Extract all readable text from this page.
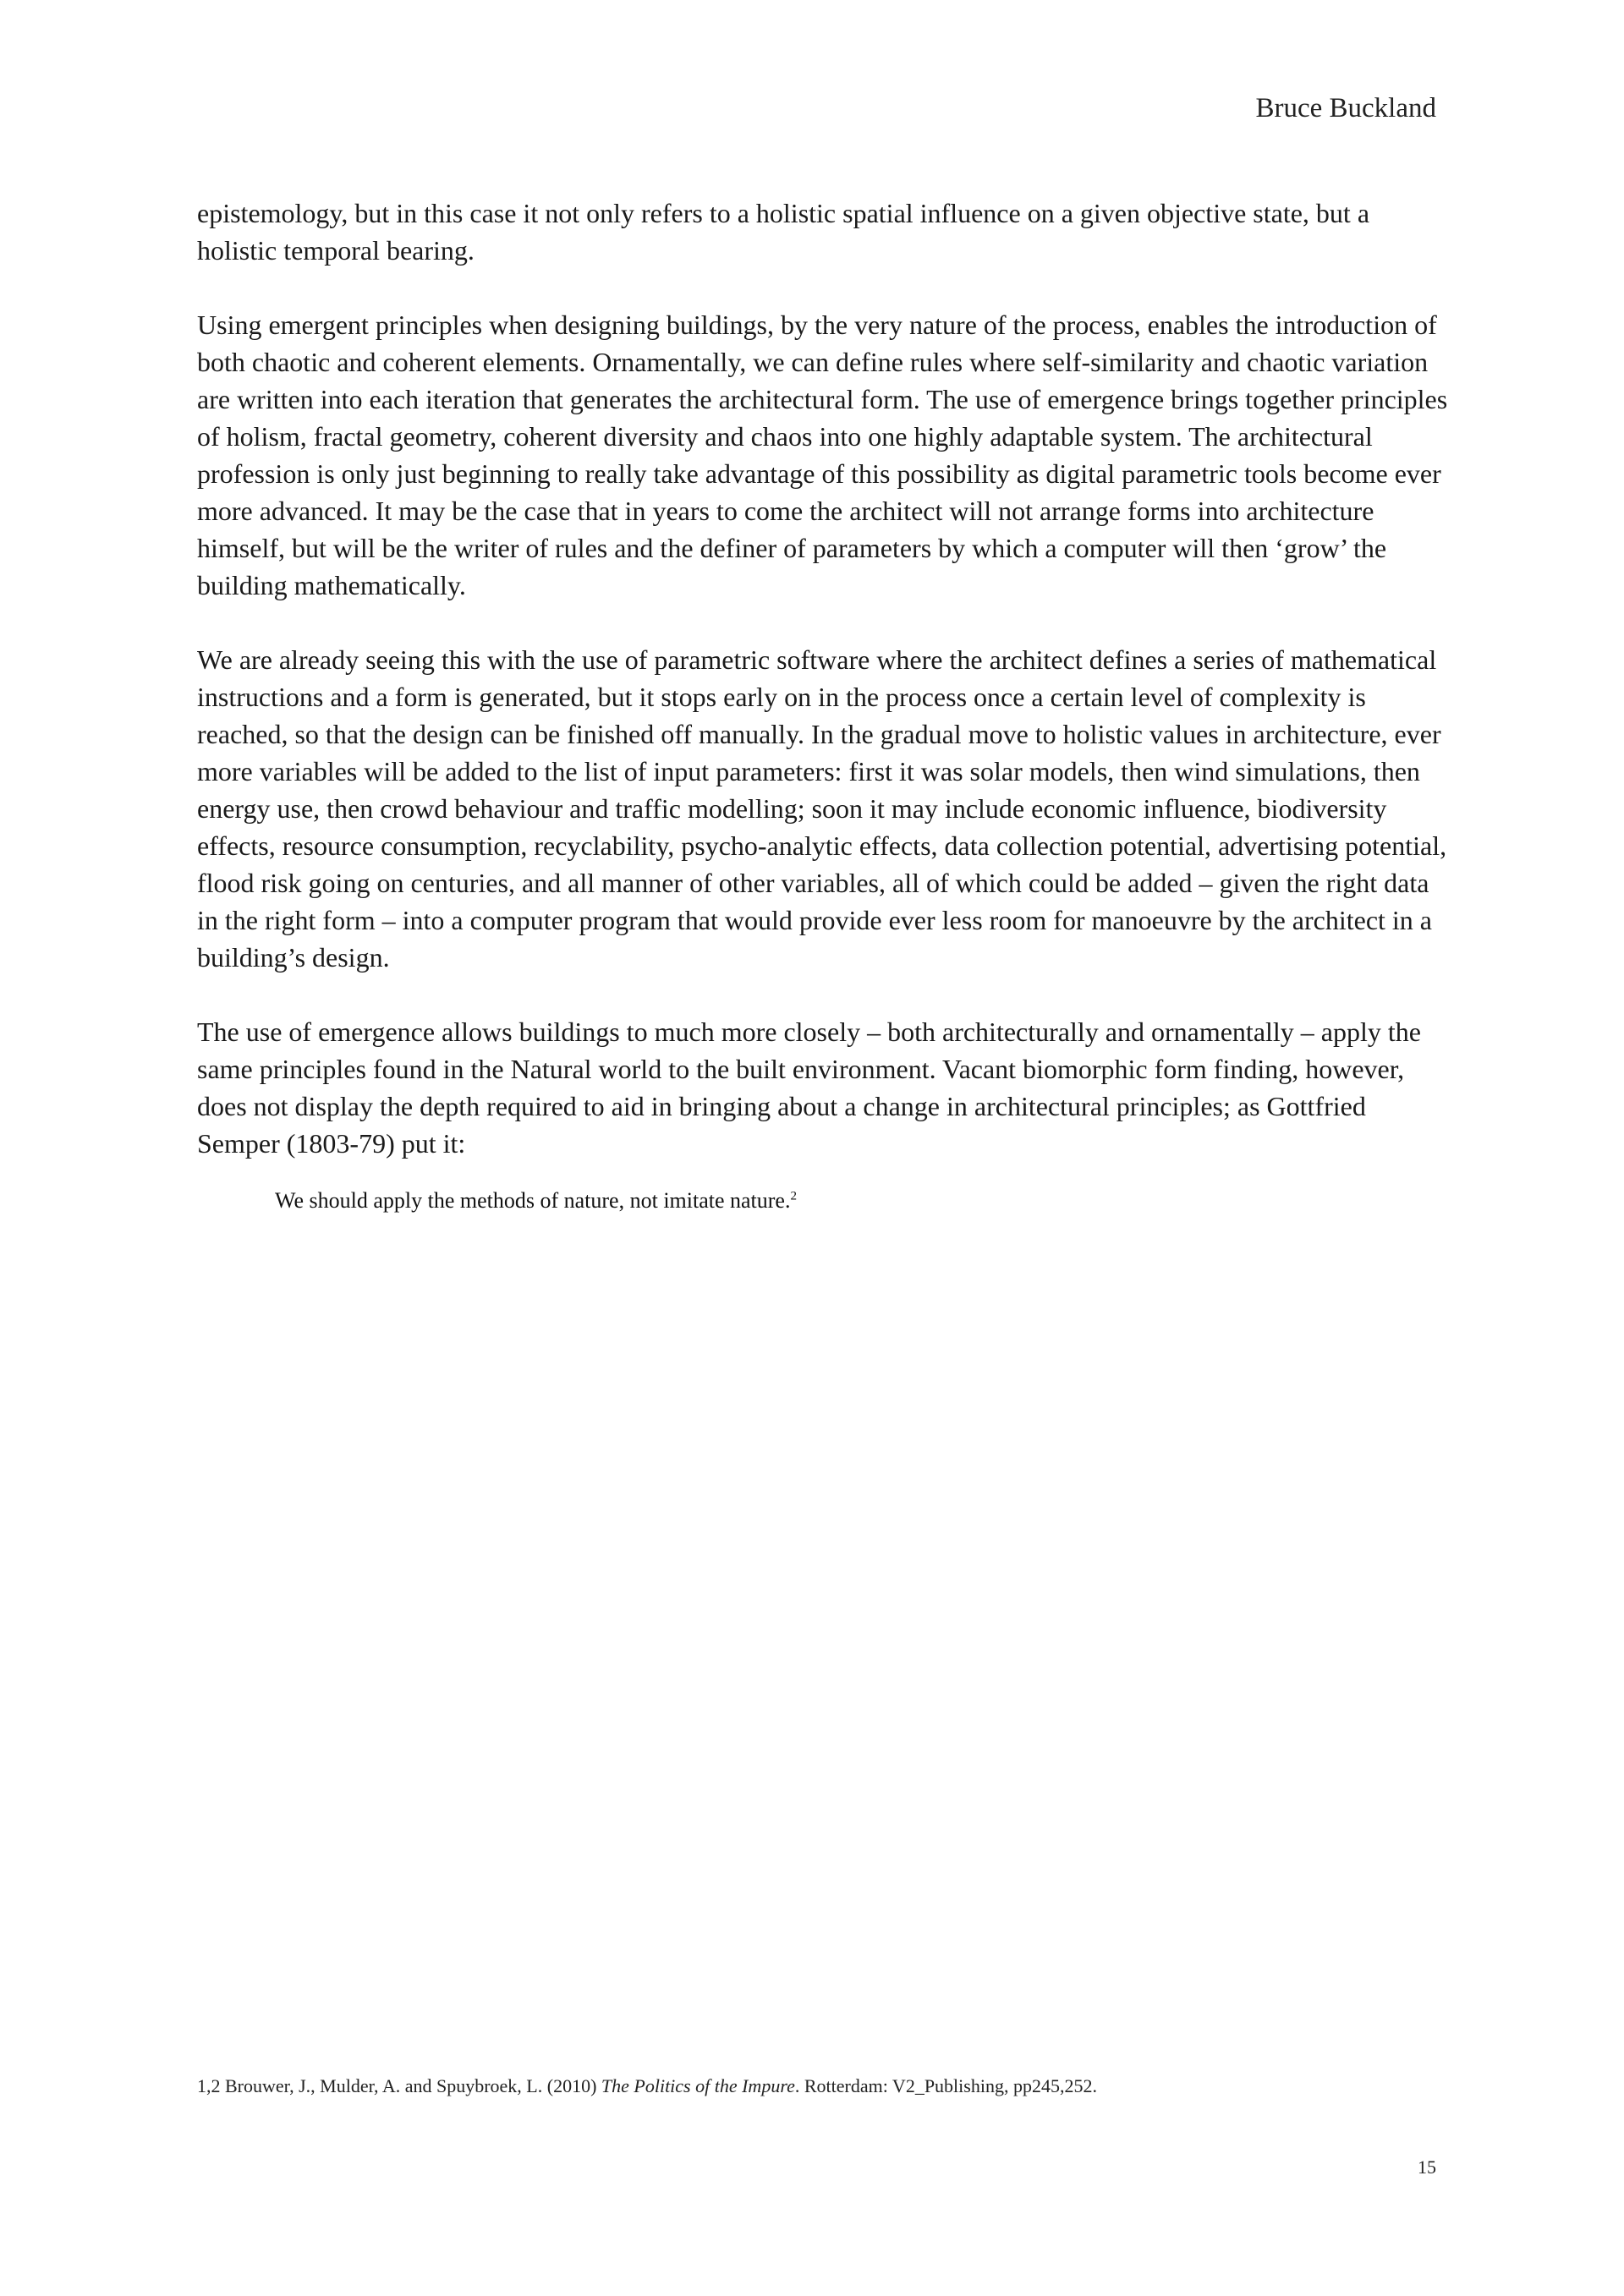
Bruce Buckland

epistemology, but in this case it not only refers to a holistic spatial influence on a given objective state, but a holistic temporal bearing.

Using emergent principles when designing buildings, by the very nature of the process, enables the introduction of both chaotic and coherent elements. Ornamentally, we can define rules where self-similarity and chaotic variation are written into each iteration that generates the architectural form. The use of emergence brings together principles of holism, fractal geometry, coherent diversity and chaos into one highly adaptable system. The architectural profession is only just beginning to really take advantage of this possibility as digital parametric tools become ever more advanced. It may be the case that in years to come the architect will not arrange forms into architecture himself, but will be the writer of rules and the definer of parameters by which a computer will then ‘grow’ the building mathematically.

We are already seeing this with the use of parametric software where the architect defines a series of mathematical instructions and a form is generated, but it stops early on in the process once a certain level of complexity is reached, so that the design can be finished off manually. In the gradual move to holistic values in architecture, ever more variables will be added to the list of input parameters: first it was solar models, then wind simulations, then energy use, then crowd behaviour and traffic modelling; soon it may include economic influence, biodiversity effects, resource consumption, recyclability, psycho-analytic effects, data collection potential, advertising potential, flood risk going on centuries, and all manner of other variables, all of which could be added – given the right data in the right form – into a computer program that would provide ever less room for manoeuvre by the architect in a building’s design.

The use of emergence allows buildings to much more closely – both architecturally and ornamentally – apply the same principles found in the Natural world to the built environment. Vacant biomorphic form finding, however, does not display the depth required to aid in bringing about a change in architectural principles; as Gottfried Semper (1803-79) put it:

We should apply the methods of nature, not imitate nature.$^2$
1,2 Brouwer, J., Mulder, A. and Spuybroek, L. (2010) The Politics of the Impure. Rotterdam: V2_Publishing, pp245,252.
15
